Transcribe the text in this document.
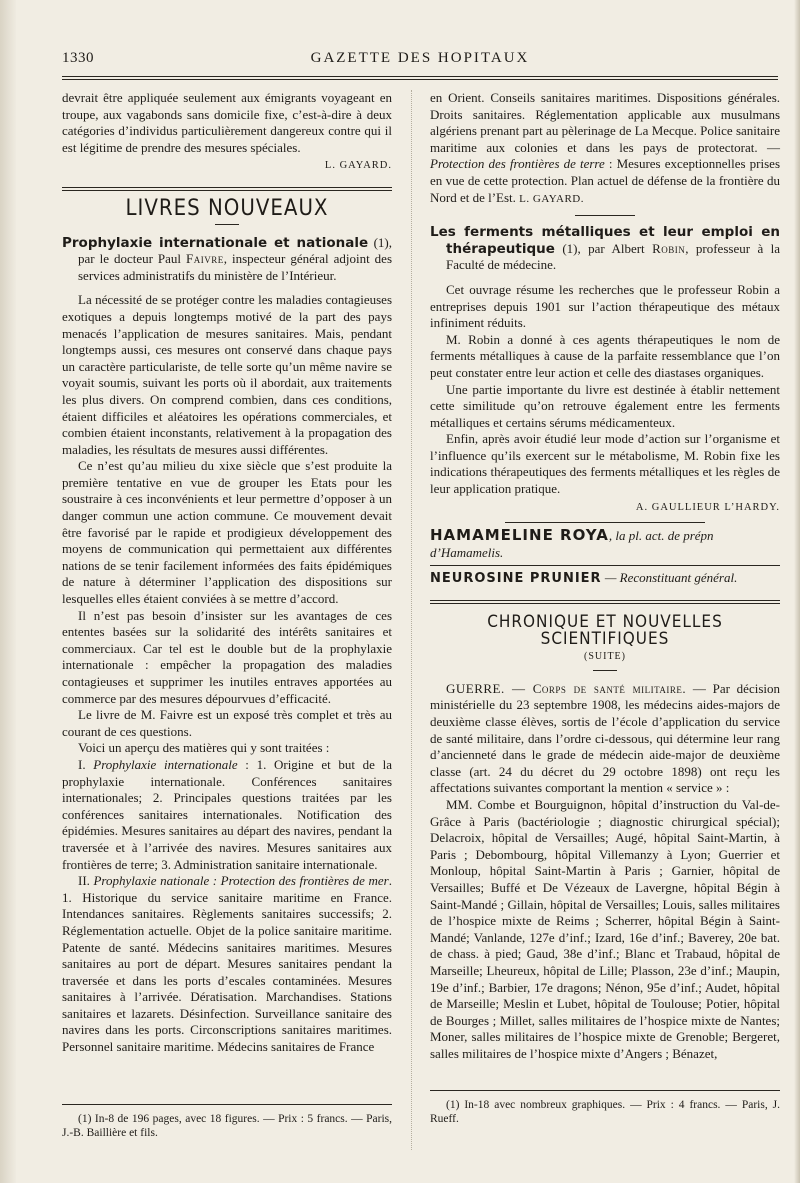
1330	GAZETTE DES HOPITAUX

devrait être appliquée seulement aux émigrants voyageant en troupe, aux vagabonds sans domicile fixe, c’est-à-dire à deux catégories d’individus particulièrement dangereux contre qui il est légitime de prendre des mesures spéciales.

L. GAYARD.

LIVRES NOUVEAUX

Prophylaxie internationale et nationale (1), par le docteur Paul Faivre, inspecteur général adjoint des services administratifs du ministère de l’Intérieur.

La nécessité de se protéger contre les maladies contagieuses exotiques a depuis longtemps motivé de la part des pays menacés l’application de mesures sanitaires. Mais, pendant longtemps aussi, ces mesures ont conservé dans chaque pays un caractère particulariste, de telle sorte qu’un même navire se voyait soumis, suivant les ports où il abordait, aux traitements les plus divers. On comprend combien, dans ces conditions, étaient difficiles et aléatoires les opérations commerciales, et combien étaient inconstants, relativement à la propagation des maladies, les résultats de mesures aussi différentes.

Ce n’est qu’au milieu du xixe siècle que s’est produite la première tentative en vue de grouper les Etats pour les soustraire à ces inconvénients et leur permettre d’opposer à un danger commun une action commune. Ce mouvement devait être favorisé par le rapide et prodigieux développement des moyens de communication qui permettaient aux différentes nations de se tenir facilement informées des faits épidémiques de nature à déterminer l’application des dispositions sur lesquelles elles étaient conviées à se mettre d’accord.

Il n’est pas besoin d’insister sur les avantages de ces ententes basées sur la solidarité des intérêts sanitaires et commerciaux. Car tel est le double but de la prophylaxie internationale : empêcher la propagation des maladies contagieuses et supprimer les inutiles entraves apportées au commerce par des mesures dépourvues d’efficacité.

Le livre de M. Faivre est un exposé très complet et très au courant de ces questions.

Voici un aperçu des matières qui y sont traitées :

I. Prophylaxie internationale : 1. Origine et but de la prophylaxie internationale. Conférences sanitaires internationales; 2. Principales questions traitées par les conférences sanitaires internationales. Notification des épidémies. Mesures sanitaires au départ des navires, pendant la traversée et à l’arrivée des navires. Mesures sanitaires aux frontières de terre; 3. Administration sanitaire internationale.

II. Prophylaxie nationale : Protection des frontières de mer. 1. Historique du service sanitaire maritime en France. Intendances sanitaires. Règlements sanitaires successifs; 2. Réglementation actuelle. Objet de la police sanitaire maritime. Patente de santé. Médecins sanitaires maritimes. Mesures sanitaires au port de départ. Mesures sanitaires pendant la traversée et dans les ports d’escales contaminées. Mesures sanitaires à l’arrivée. Dératisation. Marchandises. Stations sanitaires et lazarets. Désinfection. Surveillance sanitaire des navires dans les ports. Circonscriptions sanitaires maritimes. Personnel sanitaire maritime. Médecins sanitaires de France

(1) In-8 de 196 pages, avec 18 figures. — Prix : 5 francs. — Paris, J.-B. Baillière et fils.

en Orient. Conseils sanitaires maritimes. Dispositions générales. Droits sanitaires. Réglementation applicable aux musulmans algériens prenant part au pèlerinage de La Mecque. Police sanitaire maritime aux colonies et dans les pays de protectorat. — Protection des frontières de terre : Mesures exceptionnelles prises en vue de cette protection. Plan actuel de défense de la frontière du Nord et de l’Est. L. GAYARD.

Les ferments métalliques et leur emploi en thérapeutique (1), par Albert Robin, professeur à la Faculté de médecine.

Cet ouvrage résume les recherches que le professeur Robin a entreprises depuis 1901 sur l’action thérapeutique des métaux infiniment réduits.

M. Robin a donné à ces agents thérapeutiques le nom de ferments métalliques à cause de la parfaite ressemblance que l’on peut constater entre leur action et celle des diastases organiques.

Une partie importante du livre est destinée à établir nettement cette similitude qu’on retrouve également entre les ferments métalliques et certains sérums médicamenteux.

Enfin, après avoir étudié leur mode d’action sur l’organisme et l’influence qu’ils exercent sur le métabolisme, M. Robin fixe les indications thérapeutiques des ferments métalliques et les règles de leur application pratique.

A. GAULLIEUR L’HARDY.

HAMAMELINE ROYA, la pl. act. de prépn d’Hamamelis.

NEUROSINE PRUNIER — Reconstituant général.

CHRONIQUE ET NOUVELLES SCIENTIFIQUES

(SUITE)

GUERRE. — Corps de santé militaire. — Par décision ministérielle du 23 septembre 1908, les médecins aides-majors de deuxième classe élèves, sortis de l’école d’application du service de santé militaire, dans l’ordre ci-dessous, qui détermine leur rang d’ancienneté dans le grade de médecin aide-major de deuxième classe (art. 24 du décret du 29 octobre 1898) ont reçu les affectations suivantes comportant la mention « service » :

MM. Combe et Bourguignon, hôpital d’instruction du Val-de-Grâce à Paris (bactériologie ; diagnostic chirurgical spécial); Delacroix, hôpital de Versailles; Augé, hôpital Saint-Martin, à Paris ; Debombourg, hôpital Villemanzy à Lyon; Guerrier et Monloup, hôpital Saint-Martin à Paris ; Garnier, hôpital de Versailles; Buffé et De Vézeaux de Lavergne, hôpital Bégin à Saint-Mandé ; Gillain, hôpital de Versailles; Louis, salles militaires de l’hospice mixte de Reims ; Scherrer, hôpital Bégin à Saint-Mandé; Vanlande, 127e d’inf.; Izard, 16e d’inf.; Baverey, 20e bat. de chass. à pied; Gaud, 38e d’inf.; Blanc et Trabaud, hôpital de Marseille; Lheureux, hôpital de Lille; Plasson, 23e d’inf.; Maupin, 19e d’inf.; Barbier, 17e dragons; Nénon, 95e d’inf.; Audet, hôpital de Marseille; Meslin et Lubet, hôpital de Toulouse; Potier, hôpital de Bourges ; Millet, salles militaires de l’hospice mixte de Nantes; Moner, salles militaires de l’hospice mixte de Grenoble; Bergeret, salles militaires de l’hospice mixte d’Angers ; Bénazet,

(1) In-18 avec nombreux graphiques. — Prix : 4 francs. — Paris, J. Rueff.
